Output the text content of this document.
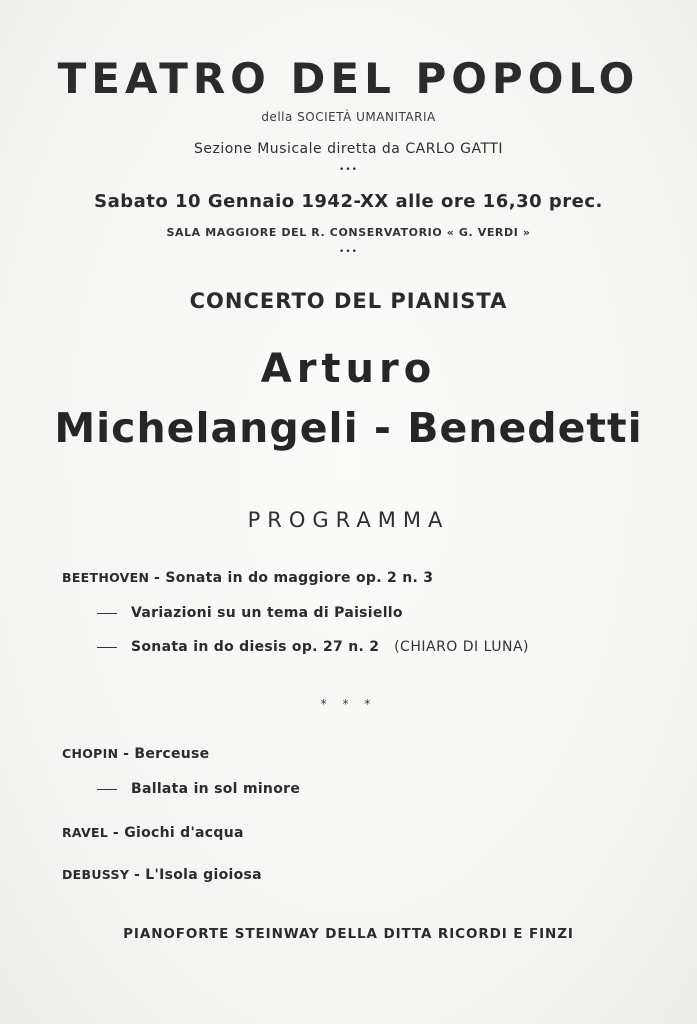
TEATRO DEL POPOLO
della SOCIETÀ UMANITARIA
Sezione Musicale diretta da CARLO GATTI
•••
Sabato 10 Gennaio 1942-XX alle ore 16,30 prec.
SALA MAGGIORE DEL R. CONSERVATORIO « G. VERDI »
•••
CONCERTO DEL PIANISTA
Arturo
Michelangeli - Benedetti
PROGRAMMA
BEETHOVEN - Sonata in do maggiore op. 2 n. 3
Variazioni su un tema di Paisiello
Sonata in do diesis op. 27 n. 2 (CHIARO DI LUNA)
* * *
CHOPIN - Berceuse
Ballata in sol minore
RAVEL - Giochi d'acqua
DEBUSSY - L'Isola gioiosa
PIANOFORTE STEINWAY DELLA DITTA RICORDI E FINZI
